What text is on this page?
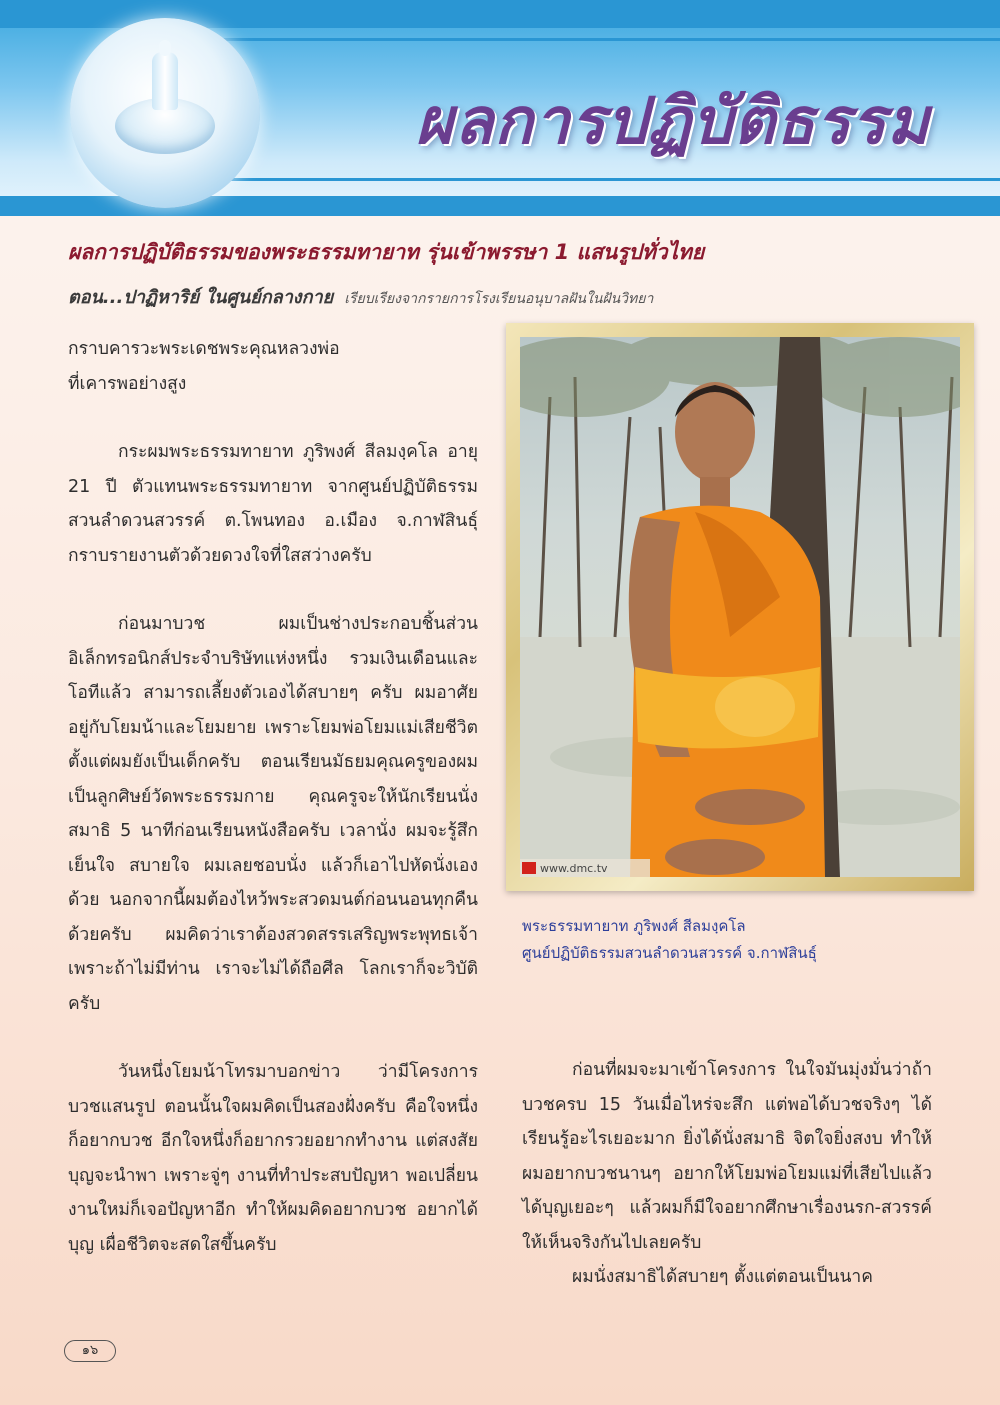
ผลการปฏิบัติธรรม
ผลการปฏิบัติธรรมของพระธรรมทายาท รุ่นเข้าพรรษา 1 แสนรูปทั่วไทย
ตอน...ปาฏิหาริย์ ในศูนย์กลางกาย เรียบเรียงจากรายการโรงเรียนอนุบาลฝันในฝันวิทยา

กราบคารวะพระเดชพระคุณหลวงพ่อ
ที่เคารพอย่างสูง

กระผมพระธรรมทายาท ภูริพงศ์ สีลมงฺคโล อายุ 21 ปี ตัวแทนพระธรรมทายาท จากศูนย์ปฏิบัติธรรมสวนลำดวนสวรรค์ ต.โพนทอง อ.เมือง จ.กาฬสินธุ์ กราบรายงานตัวด้วยดวงใจที่ใสสว่างครับ

ก่อนมาบวช ผมเป็นช่างประกอบชิ้นส่วนอิเล็กทรอนิกส์ประจำบริษัทแห่งหนึ่ง รวมเงินเดือนและโอทีแล้ว สามารถเลี้ยงตัวเองได้สบายๆ ครับ ผมอาศัยอยู่กับโยมน้าและโยมยาย เพราะโยมพ่อโยมแม่เสียชีวิตตั้งแต่ผมยังเป็นเด็กครับ ตอนเรียนมัธยมคุณครูของผมเป็นลูกศิษย์วัดพระธรรมกาย คุณครูจะให้นักเรียนนั่งสมาธิ 5 นาทีก่อนเรียนหนังสือครับ เวลานั่ง ผมจะรู้สึกเย็นใจ สบายใจ ผมเลยชอบนั่ง แล้วก็เอาไปหัดนั่งเองด้วย นอกจากนี้ผมต้องไหว้พระสวดมนต์ก่อนนอนทุกคืนด้วยครับ ผมคิดว่าเราต้องสวดสรรเสริญพระพุทธเจ้า เพราะถ้าไม่มีท่าน เราจะไม่ได้ถือศีล โลกเราก็จะวิบัติครับ

วันหนึ่งโยมน้าโทรมาบอกข่าว ว่ามีโครงการบวชแสนรูป ตอนนั้นใจผมคิดเป็นสองฝั่งครับ คือใจหนึ่งก็อยากบวช อีกใจหนึ่งก็อยากรวยอยากทำงาน แต่สงสัยบุญจะนำพา เพราะจู่ๆ งานที่ทำประสบปัญหา พอเปลี่ยนงานใหม่ก็เจอปัญหาอีก ทำให้ผมคิดอยากบวช อยากได้บุญ เผื่อชีวิตจะสดใสขึ้นครับ

www.dmc.tv
พระธรรมทายาท ภูริพงศ์ สีลมงฺคโล
ศูนย์ปฏิบัติธรรมสวนลำดวนสวรรค์ จ.กาฬสินธุ์

ก่อนที่ผมจะมาเข้าโครงการ ในใจมันมุ่งมั่นว่าถ้าบวชครบ 15 วันเมื่อไหร่จะสึก แต่พอได้บวชจริงๆ ได้เรียนรู้อะไรเยอะมาก ยิ่งได้นั่งสมาธิ จิตใจยิ่งสงบ ทำให้ผมอยากบวชนานๆ อยากให้โยมพ่อโยมแม่ที่เสียไปแล้วได้บุญเยอะๆ แล้วผมก็มีใจอยากศึกษาเรื่องนรก-สวรรค์ ให้เห็นจริงกันไปเลยครับ

ผมนั่งสมาธิได้สบายๆ ตั้งแต่ตอนเป็นนาค

๑๖
